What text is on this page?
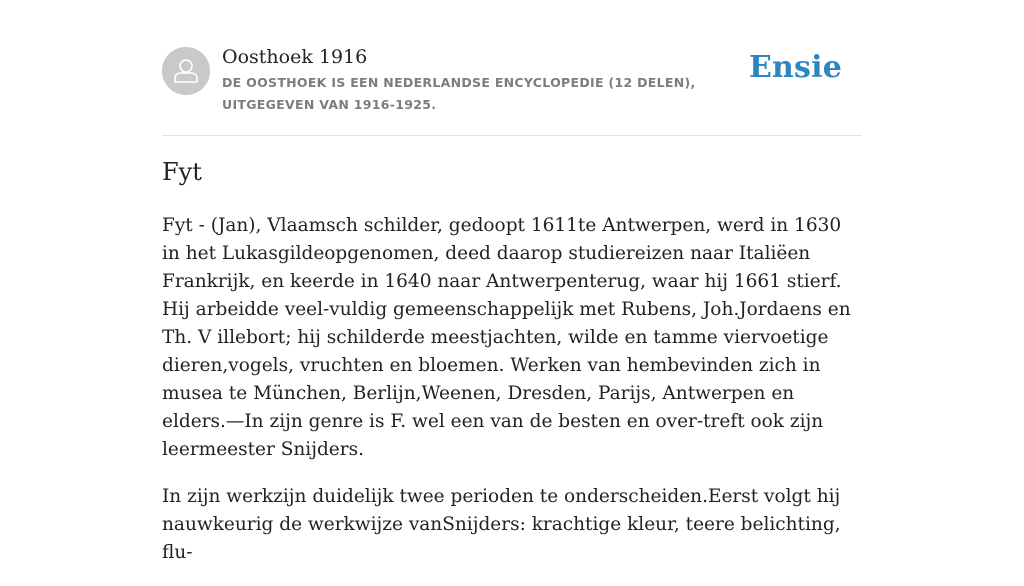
Oosthoek 1916
DE OOSTHOEK IS EEN NEDERLANDSE ENCYCLOPEDIE (12 DELEN), UITGEGEVEN VAN 1916-1925.
Ensie
Fyt

Fyt - (Jan), Vlaamsch schilder, gedoopt 1611te Antwerpen, werd in 1630 in het Lukasgildeopgenomen, deed daarop studiereizen naar Italiëen Frankrijk, en keerde in 1640 naar Antwerpenterug, waar hij 1661 stierf. Hij arbeidde veel-vuldig gemeenschappelijk met Rubens, Joh.Jordaens en Th. V illebort; hij schilderde meestjachten, wilde en tamme viervoetige dieren,vogels, vruchten en bloemen. Werken van hembevinden zich in musea te München, Berlijn,Weenen, Dresden, Parijs, Antwerpen en elders.—In zijn genre is F. wel een van de besten en over-treft ook zijn leermeester Snijders.

In zijn werkzijn duidelijk twee perioden te onderscheiden.Eerst volgt hij nauwkeurig de werkwijze vanSnijders: krachtige kleur, teere belichting, flu-
